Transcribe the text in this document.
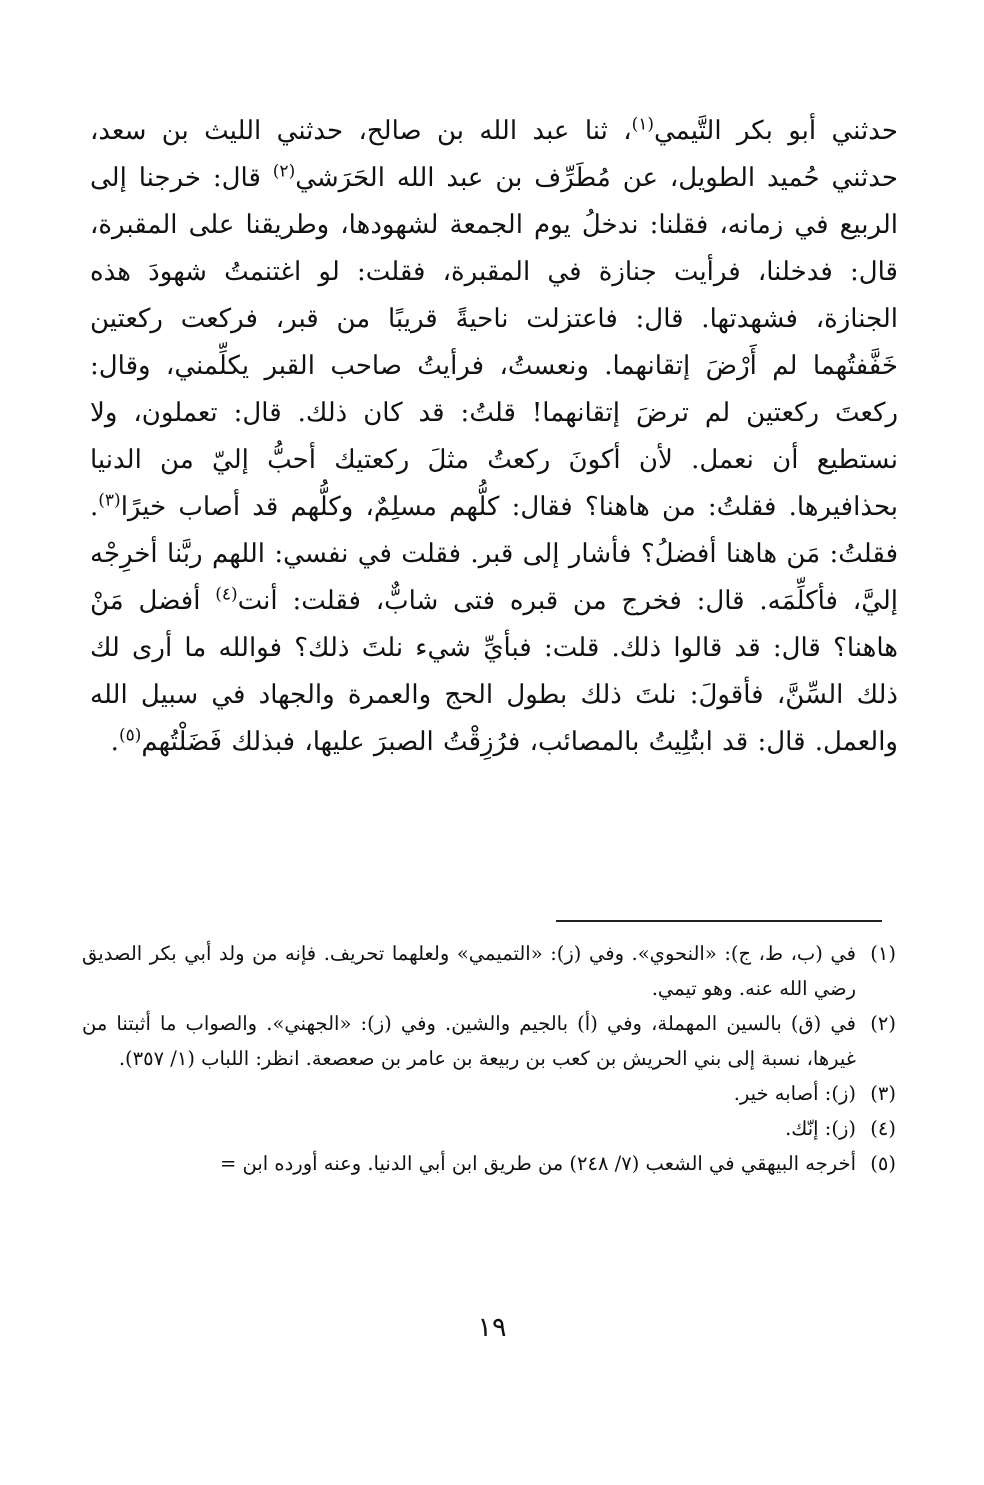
حدثني أبو بكر التَّيمي$^{(١)}$، ثنا عبد الله بن صالح، حدثني الليث بن سعد، حدثني حُميد الطويل، عن مُطَرِّف بن عبد الله الحَرَشي$^{(٢)}$ قال: خرجنا إلى الربيع في زمانه، فقلنا: ندخلُ يوم الجمعة لشهودها، وطريقنا على المقبرة، قال: فدخلنا، فرأيت جنازة في المقبرة، فقلت: لو اغتنمتُ شهودَ هذه الجنازة، فشهدتها. قال: فاعتزلت ناحيةً قريبًا من قبر، فركعت ركعتين خَفَّفتُهما لم أَرْضَ إتقانهما. ونعستُ، فرأيتُ صاحب القبر يكلِّمني، وقال: ركعتَ ركعتين لم ترضَ إتقانهما! قلتُ: قد كان ذلك. قال: تعملون، ولا نستطيع أن نعمل. لأن أكونَ ركعتُ مثلَ ركعتيك أحبُّ إليّ من الدنيا بحذافيرها. فقلتُ: من هاهنا؟ فقال: كلُّهم مسلِمٌ، وكلُّهم قد أصاب خيرًا$^{(٣)}$. فقلتُ: مَن هاهنا أفضلُ؟ فأشار إلى قبر. فقلت في نفسي: اللهم ربَّنا أخرِجْه إليَّ، فأكلِّمَه. قال: فخرج من قبره فتى شابٌّ، فقلت: أنت$^{(٤)}$ أفضل مَنْ هاهنا؟ قال: قد قالوا ذلك. قلت: فبأيِّ شيء نلتَ ذلك؟ فوالله ما أرى لك ذلك السِّنَّ، فأقولَ: نلتَ ذلك بطول الحج والعمرة والجهاد في سبيل الله والعمل. قال: قد ابتُلِيتُ بالمصائب، فرُزِقْتُ الصبرَ عليها، فبذلك فَضَلْتُهم$^{(٥)}$.

(١)
في (ب، ط، ج): «النحوي». وفي (ز): «التميمي» ولعلهما تحريف. فإنه من ولد أبي بكر الصديق رضي الله عنه. وهو تيمي.
(٢)
في (ق) بالسين المهملة، وفي (أ) بالجيم والشين. وفي (ز): «الجهني». والصواب ما أثبتنا من غيرها، نسبة إلى بني الحريش بن كعب بن ربيعة بن عامر بن صعصعة. انظر: اللباب (١/ ٣٥٧).
(٣)
(ز): أصابه خير.
(٤)
(ز): إنّك.
(٥)
أخرجه البيهقي في الشعب (٧/ ٢٤٨) من طريق ابن أبي الدنيا. وعنه أورده ابن =
١٩
